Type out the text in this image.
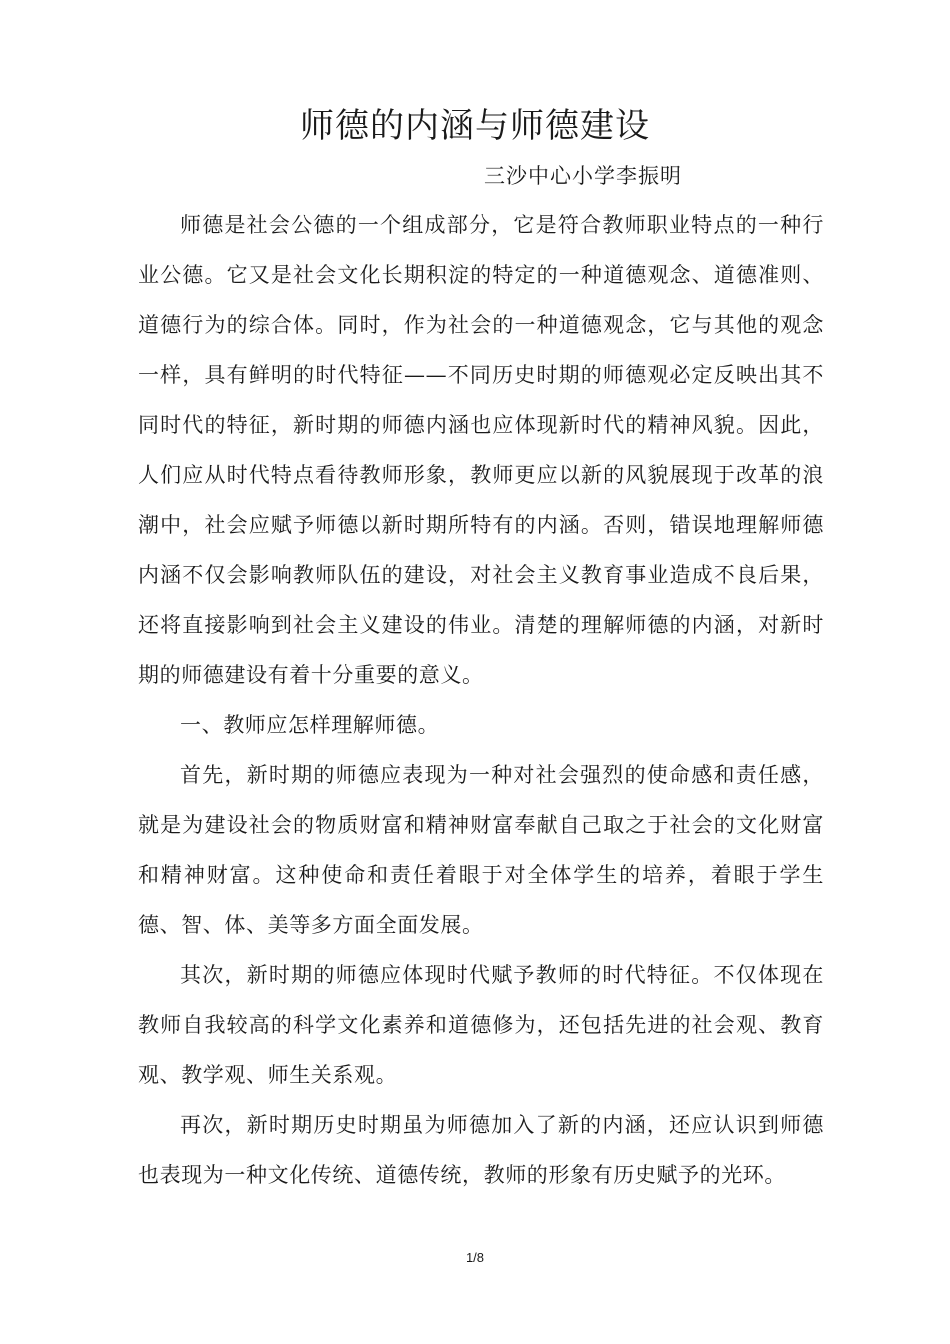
师德的内涵与师德建设
三沙中心小学李振明

师德是社会公德的一个组成部分，它是符合教师职业特点的一种行业公德。它又是社会文化长期积淀的特定的一种道德观念、道德准则、道德行为的综合体。同时，作为社会的一种道德观念，它与其他的观念一样，具有鲜明的时代特征——不同历史时期的师德观必定反映出其不同时代的特征，新时期的师德内涵也应体现新时代的精神风貌。因此，人们应从时代特点看待教师形象，教师更应以新的风貌展现于改革的浪潮中，社会应赋予师德以新时期所特有的内涵。否则，错误地理解师德内涵不仅会影响教师队伍的建设，对社会主义教育事业造成不良后果，还将直接影响到社会主义建设的伟业。清楚的理解师德的内涵，对新时期的师德建设有着十分重要的意义。

一、教师应怎样理解师德。

首先，新时期的师德应表现为一种对社会强烈的使命感和责任感，就是为建设社会的物质财富和精神财富奉献自己取之于社会的文化财富和精神财富。这种使命和责任着眼于对全体学生的培养，着眼于学生德、智、体、美等多方面全面发展。

其次，新时期的师德应体现时代赋予教师的时代特征。不仅体现在教师自我较高的科学文化素养和道德修为，还包括先进的社会观、教育观、教学观、师生关系观。

再次，新时期历史时期虽为师德加入了新的内涵，还应认识到师德也表现为一种文化传统、道德传统，教师的形象有历史赋予的光环。

1/8
